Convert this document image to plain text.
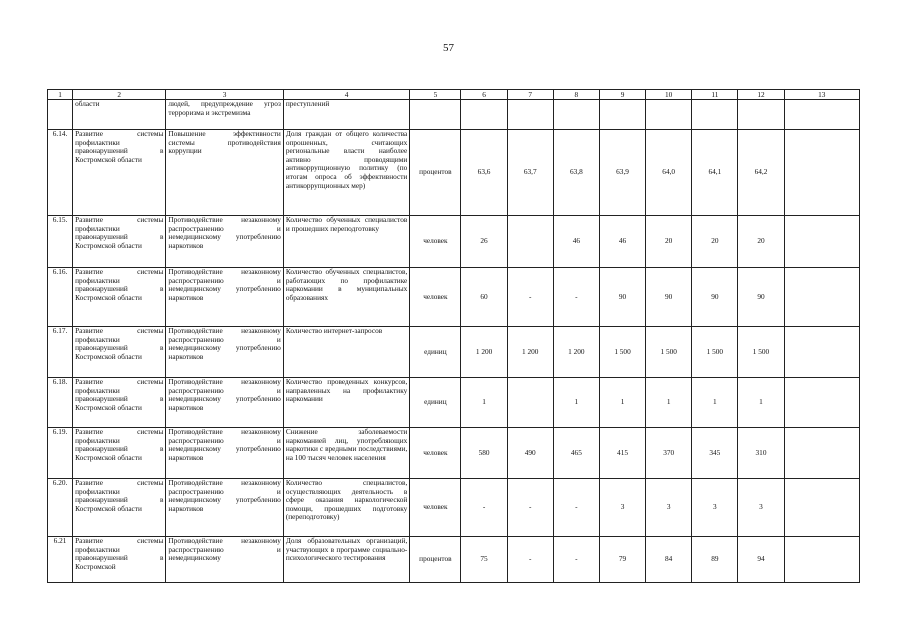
57
1	2	3	4	5	6	7	8	9	10	11	12	13
	области	людей, предупреждение угроз терроризма и экстремизма	преступлений									
6.14.	Развитие системы профилактики правонарушений в Костромской области	Повышение эффективности системы противодействия коррупции	Доля граждан от общего количества опрошенных, считающих региональные власти наиболее активно проводящими антикоррупционную политику (по итогам опроса об эффективности антикоррупционных мер)	процентов	63,6	63,7	63,8	63,9	64,0	64,1	64,2	
6.15.	Развитие системы профилактики правонарушений в Костромской области	Противодействие незаконному распространению и немедицинскому употреблению наркотиков	Количество обученных специалистов и прошедших переподготовку	человек	26		46	46	20	20	20	
6.16.	Развитие системы профилактики правонарушений в Костромской области	Противодействие незаконному распространению и немедицинскому употреблению наркотиков	Количество обученных специалистов, работающих по профилактике наркомании в муниципальных образованиях	человек	60	-	-	90	90	90	90	
6.17.	Развитие системы профилактики правонарушений в Костромской области	Противодействие незаконному распространению и немедицинскому употреблению наркотиков	Количество интернет-запросов	единиц	1 200	1 200	1 200	1 500	1 500	1 500	1 500	
6.18.	Развитие системы профилактики правонарушений в Костромской области	Противодействие незаконному распространению и немедицинскому употреблению наркотиков	Количество проведенных конкурсов, направленных на профилактику наркомании	единиц	1		1	1	1	1	1	
6.19.	Развитие системы профилактики правонарушений в Костромской области	Противодействие незаконному распространению и немедицинскому употреблению наркотиков	Снижение заболеваемости наркоманией лиц, употребляющих наркотики с вредными последствиями, на 100 тысяч человек населения	человек	580	490	465	415	370	345	310	
6.20.	Развитие системы профилактики правонарушений в Костромской области	Противодействие незаконному распространению и немедицинскому употреблению наркотиков	Количество специалистов, осуществляющих деятельность в сфере оказания наркологической помощи, прошедших подготовку (переподготовку)	человек	-	-	-	3	3	3	3	
6.21	Развитие системы профилактики правонарушений в Костромской	Противодействие незаконному распространению и немедицинскому	Доля образовательных организаций, участвующих в программе социально-психологического тестирования	процентов	75	-	-	79	84	89	94	
